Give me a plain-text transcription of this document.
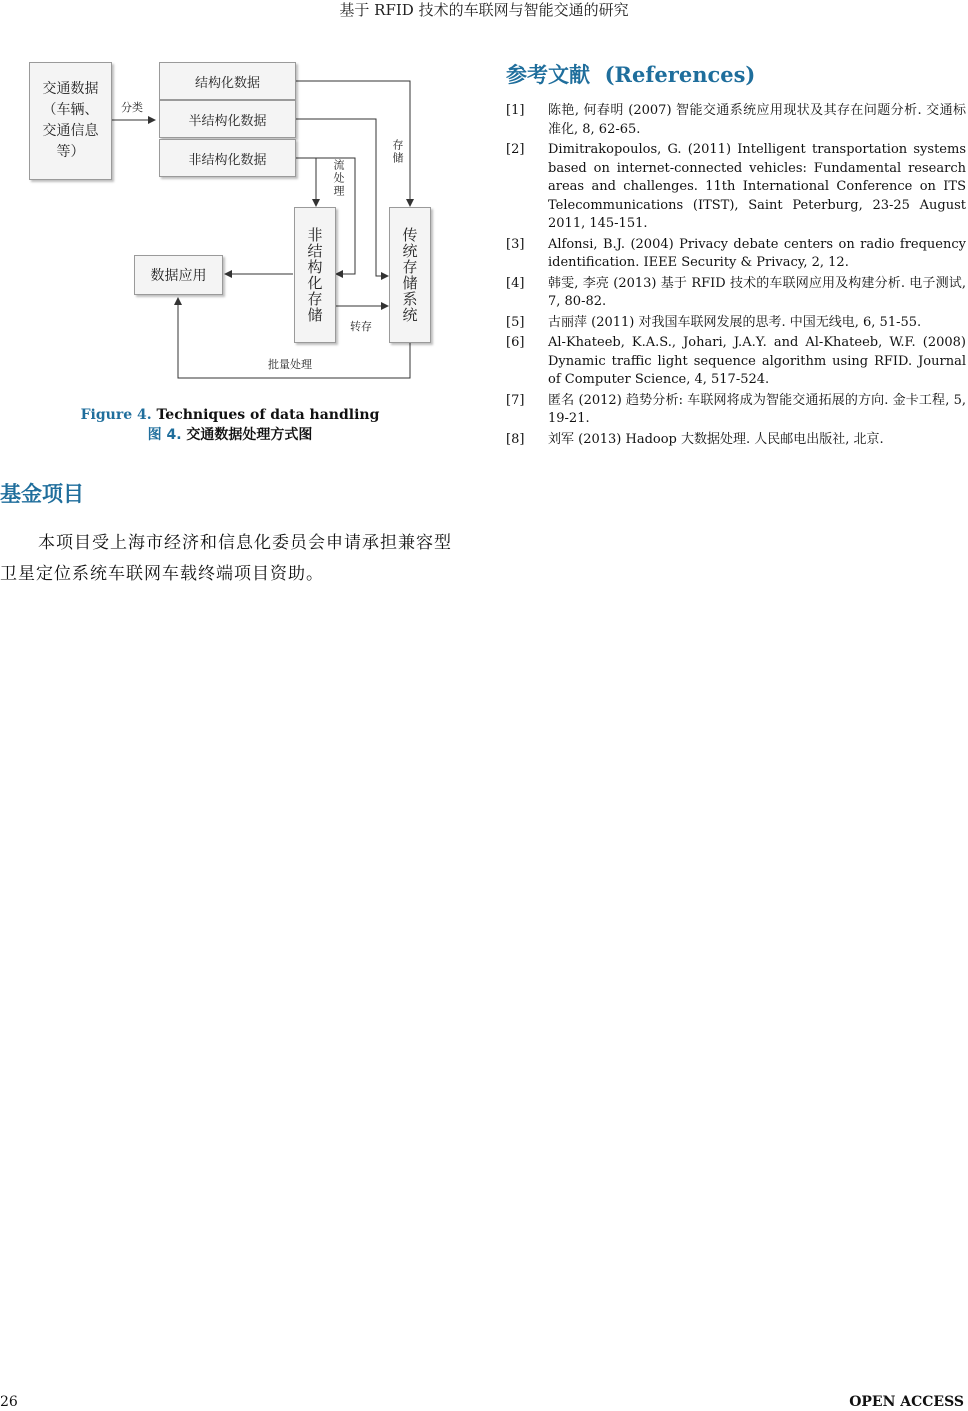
基于 RFID 技术的车联网与智能交通的研究
交通数据
（车辆、
交通信息
等）
结构化数据
半结构化数据
非结构化数据
数据应用	非结构化存储	传统存储系统
分类
流处理
存储
转存
批量处理
Figure 4. Techniques of data handling
图 4. 交通数据处理方式图
基金项目
本项目受上海市经济和信息化委员会申请承担兼容型卫星定位系统车联网车载终端项目资助。
参考文献 (References)
[1]	陈艳, 何春明 (2007) 智能交通系统应用现状及其存在问题分析. 交通标准化, 8, 62-65.
[2]	Dimitrakopoulos, G. (2011) Intelligent transportation systems based on internet-connected vehicles: Fundamental research areas and challenges. 11th International Conference on ITS Telecommunications (ITST), Saint Peterburg, 23-25 August 2011, 145-151.
[3]	Alfonsi, B.J. (2004) Privacy debate centers on radio frequency identification. IEEE Security & Privacy, 2, 12.
[4]	韩雯, 李亮 (2013) 基于 RFID 技术的车联网应用及构建分析. 电子测试, 7, 80-82.
[5]	古丽萍 (2011) 对我国车联网发展的思考. 中国无线电, 6, 51-55.
[6]	Al-Khateeb, K.A.S., Johari, J.A.Y. and Al-Khateeb, W.F. (2008) Dynamic traffic light sequence algorithm using RFID. Journal of Computer Science, 4, 517-524.
[7]	匿名 (2012) 趋势分析: 车联网将成为智能交通拓展的方向. 金卡工程, 5, 19-21.
[8]	刘军 (2013) Hadoop 大数据处理. 人民邮电出版社, 北京.
26	OPEN ACCESS
